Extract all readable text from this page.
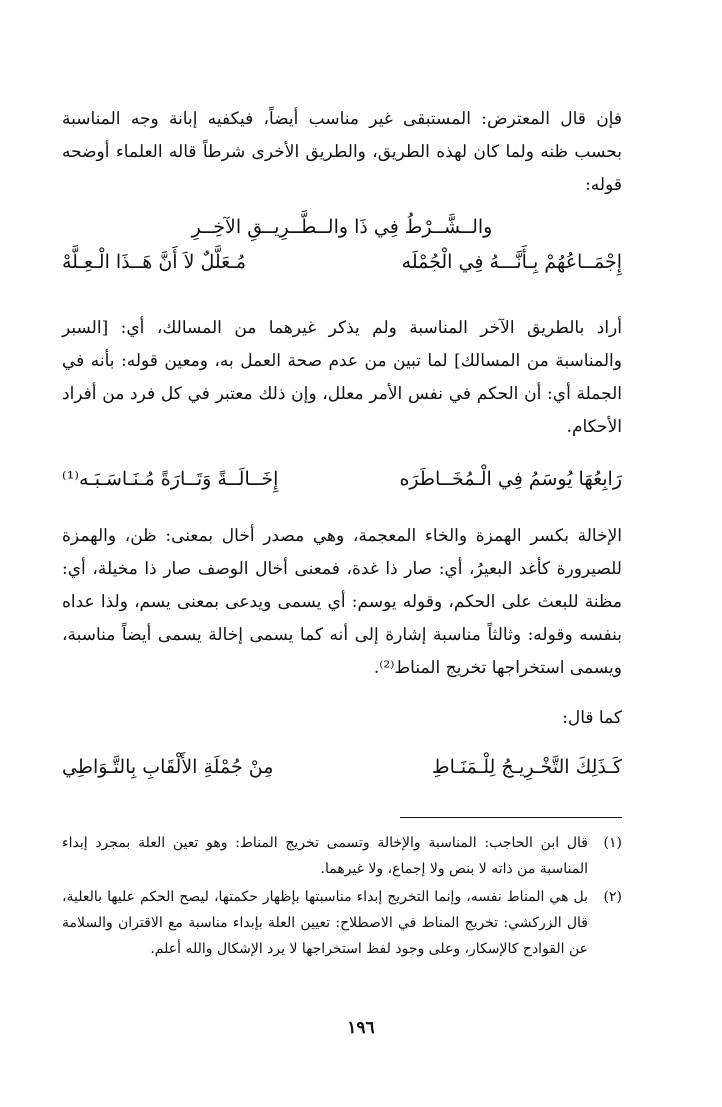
فإن قال المعترض: المستبقى غير مناسب أيضاً، فيكفيه إبانة وجه المناسبة بحسب ظنه ولما كان لهذه الطريق، والطريق الأخرى شرطاً قاله العلماء أوضحه قوله:
والــشَّــرْطُ فِي ذَا والــطَّــرِيــقِ الآخِــرِ
إِجْمَــاعُهُمْ بِـأَنَّـــهُ فِي الْجُمْلَه
مُـعَلَّلٌ لاَ أَنَّ هَــذَا الْـعِـلَّهْ
أراد بالطريق الآخر المناسبة ولم يذكر غيرهما من المسالك، أي: [السبر والمناسبة من المسالك] لما تبين من عدم صحة العمل به، ومعين قوله: بأنه في الجملة أي: أن الحكم في نفس الأمر معلل، وإن ذلك معتبر في كل فرد من أفراد الأحكام.
رَابِعُهَا يُوسَمُ فِي الْـمُخَــاطَرَه
إِخَــالَــةً وَتَــارَةً مُـنَـاسَـبَـه⁽¹⁾
الإخالة بكسر الهمزة والخاء المعجمة، وهي مصدر أخال بمعنى: ظن، والهمزة للصيرورة كأغد البعيرُ، أي: صار ذا غدة، فمعنى أخال الوصف صار ذا مخيلة، أي: مظنة للبعث على الحكم، وقوله يوسم: أي يسمى ويدعى بمعنى يسم، ولذا عداه بنفسه وقوله: وثالثاً مناسبة إشارة إلى أنه كما يسمى إخالة يسمى أيضاً مناسبة، ويسمى استخراجها تخريج المناط⁽²⁾.
كما قال:
كَـذَلِكَ التَّخْـرِيـجُ لِلْـمَنَـاطِ
مِنْ جُمْلَةِ الأَلْقَابِ بِالتَّـوَاطِي
(١)
قال ابن الحاجب: المناسبة والإخالة وتسمى تخريج المناط: وهو تعين العلة بمجرد إبداء المناسبة من ذاته لا بنص ولا إجماع، ولا غيرهما.
(٢)
بل هي المناط نفسه، وإنما التخريج إبداء مناسبتها بإظهار حكمتها، ليصح الحكم عليها بالعلية، قال الزركشي: تخريج المناط في الاصطلاح: تعيين العلة بإبداء مناسبة مع الاقتران والسلامة عن القوادح كالإسكار، وعلى وجود لفظ استخراجها لا يرد الإشكال والله أعلم.
١٩٦
